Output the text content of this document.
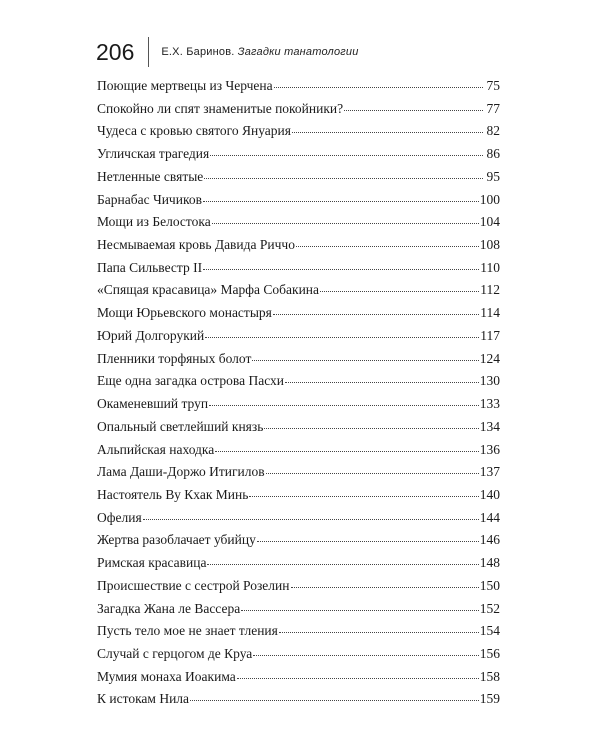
206 Е.Х. Баринов. Загадки танатологии
Поющие мертвецы из Черчена	75
Спокойно ли спят знаменитые покойники?	77
Чудеса с кровью святого Януария	82
Угличская трагедия	86
Нетленные святые	95
Барнабас Чичиков	100
Мощи из Белостока	104
Несмываемая кровь Давида Риччо	108
Папа Сильвестр II	110
«Спящая красавица» Марфа Собакина	112
Мощи Юрьевского монастыря	114
Юрий Долгорукий	117
Пленники торфяных болот	124
Еще одна загадка острова Пасхи	130
Окаменевший труп	133
Опальный светлейший князь	134
Альпийская находка	136
Лама Даши-Доржо Итигилов	137
Настоятель Ву Кхак Минь	140
Офелия	144
Жертва разоблачает убийцу	146
Римская красавица	148
Происшествие с сестрой Розелин	150
Загадка Жана ле Вассера	152
Пусть тело мое не знает тления	154
Случай с герцогом де Круа	156
Мумия монаха Иоакима	158
К истокам Нила	159
